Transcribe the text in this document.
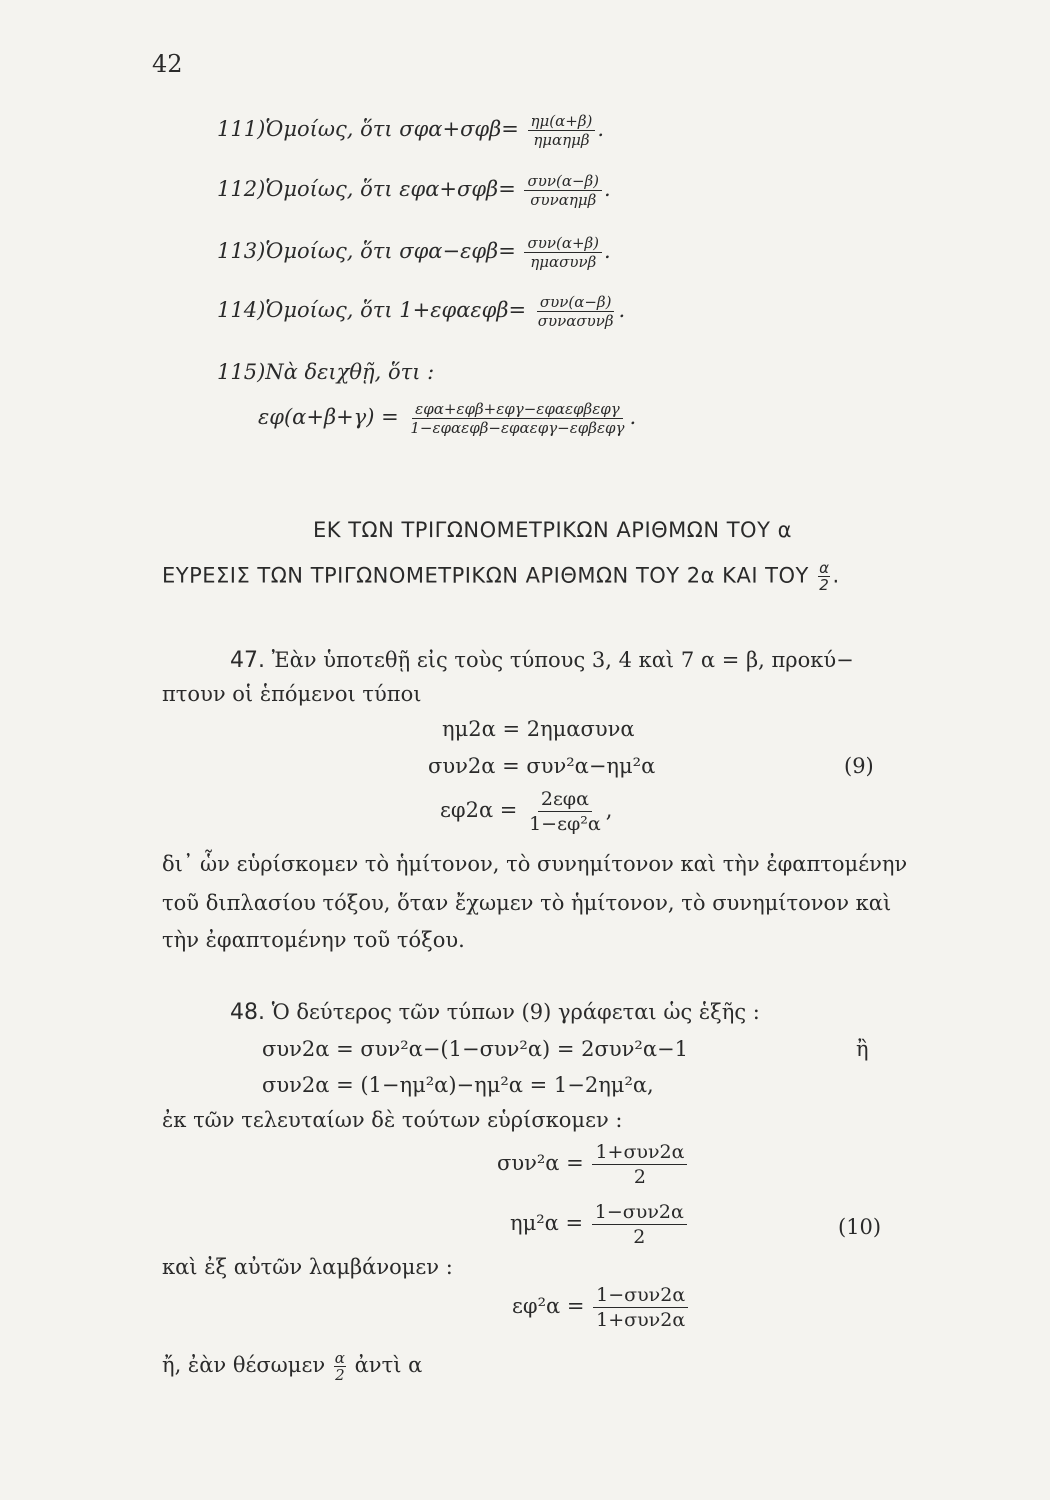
42
111)Ὁμοίως, ὅτι $\sigma\varphi\alpha+\sigma\varphi\beta= \frac{\eta\mu(\alpha+\beta)}{\text{ημαημβ}}$ .
112)Ὁμοίως, ὅτι $\varepsilon\varphi\alpha+\sigma\varphi\beta= \frac{\text{συν(α−β)}}{\text{συναημβ}}$ .
113)Ὁμοίως, ὅτι $\sigma\varphi\alpha-\varepsilon\varphi\beta= \frac{\text{συν(α+β)}}{\text{ημασυνβ}}$ .
114)Ὁμοίως, ὅτι $1+\varepsilon\varphi\alpha\varepsilon\varphi\beta= \frac{\text{συν(α−β)}}{\text{συνασυνβ}}$ .
115)Νὰ δειχθῇ, ὅτι :
$\varepsilon\varphi(\alpha+\beta+\gamma) = \frac{\text{εφα+εφβ+εφγ−εφαεφβεφγ}}{\text{1−εφαεφβ−εφαεφγ−εφβεφγ}}$ .
ΕΚ ΤΩΝ ΤΡΙΓΩΝΟΜΕΤΡΙΚΩΝ ΑΡΙΘΜΩΝ ΤΟΥ α
ΕΥΡΕΣΙΣ ΤΩΝ ΤΡΙΓΩΝΟΜΕΤΡΙΚΩΝ ΑΡΙΘΜΩΝ ΤΟΥ 2α ΚΑΙ ΤΟΥ $\frac{\alpha}{2}$ .
47. Ἐὰν ὑποτεθῇ εἰς τοὺς τύπους 3, 4 καὶ 7 α = β, προκύ−
πτουν οἱ ἑπόμενοι τύποι
ημ2α = 2ημασυνα
συν2α = συν²α−ημ²α	(9)
$\varepsilon\varphi 2\alpha = \frac{\text{2εφα}}{\text{1−εφ²α}}$ ,
δι᾿ ὧν εὑρίσκομεν τὸ ἡμίτονον, τὸ συνημίτονον καὶ τὴν ἐφαπτομένην
τοῦ διπλασίου τόξου, ὅταν ἔχωμεν τὸ ἡμίτονον, τὸ συνημίτονον καὶ
τὴν ἐφαπτομένην τοῦ τόξου.
48. Ὁ δεύτερος τῶν τύπων (9) γράφεται ὡς ἑξῆς :
συν2α = συν²α−(1−συν²α) = 2συν²α−1	ἢ
συν2α = (1−ημ²α)−ημ²α = 1−2ημ²α,
ἐκ τῶν τελευταίων δὲ τούτων εὑρίσκομεν :
$\sigma\upsilon\nu^2\alpha = \frac{\text{1+συν2α}}{2}$
$\eta\mu^2\alpha = \frac{\text{1−συν2α}}{2}$	(10)
καὶ ἐξ αὐτῶν λαμβάνομεν :
$\varepsilon\varphi^2\alpha = \frac{\text{1−συν2α}}{\text{1+συν2α}}$
ἤ, ἐὰν θέσωμεν $\frac{\alpha}{2}$ ἀντὶ α
